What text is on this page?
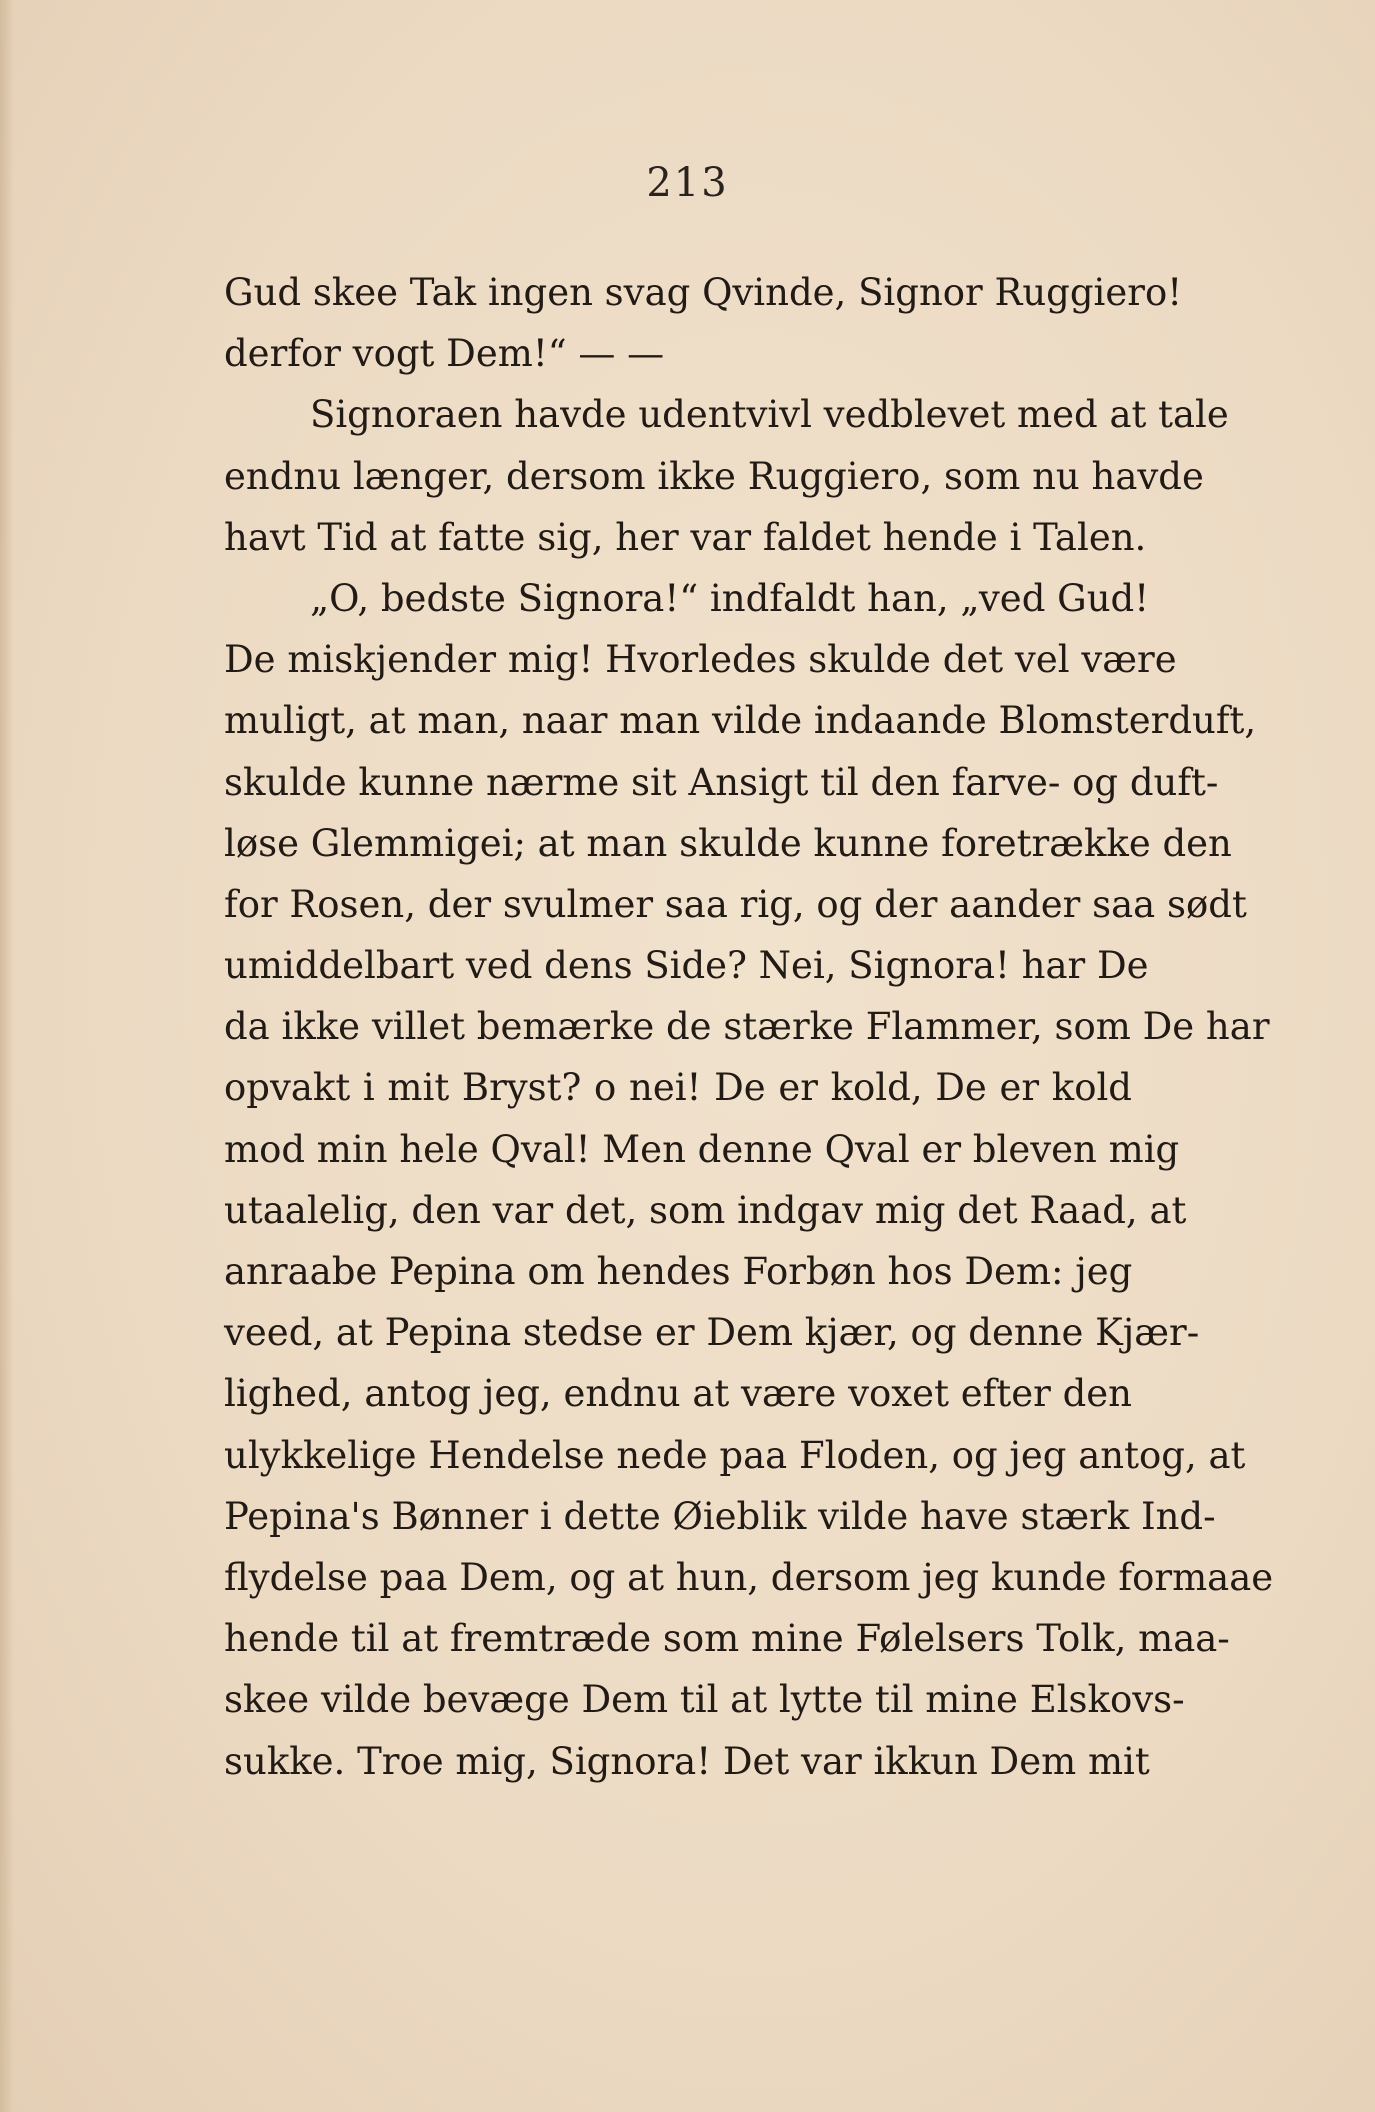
213
Gud skee Tak ingen svag Qvinde, Signor Ruggiero!
derfor vogt Dem!“ — —
Signoraen havde udentvivl vedblevet med at tale
endnu længer, dersom ikke Ruggiero, som nu havde
havt Tid at fatte sig, her var faldet hende i Talen.
„O, bedste Signora!“ indfaldt han, „ved Gud!
De miskjender mig! Hvorledes skulde det vel være
muligt, at man, naar man vilde indaande Blomsterduft,
skulde kunne nærme sit Ansigt til den farve- og duft-
løse Glemmigei; at man skulde kunne foretrække den
for Rosen, der svulmer saa rig, og der aander saa sødt
umiddelbart ved dens Side? Nei, Signora! har De
da ikke villet bemærke de stærke Flammer, som De har
opvakt i mit Bryst? o nei! De er kold, De er kold
mod min hele Qval! Men denne Qval er bleven mig
utaalelig, den var det, som indgav mig det Raad, at
anraabe Pepina om hendes Forbøn hos Dem: jeg
veed, at Pepina stedse er Dem kjær, og denne Kjær-
lighed, antog jeg, endnu at være voxet efter den
ulykkelige Hendelse nede paa Floden, og jeg antog, at
Pepina's Bønner i dette Øieblik vilde have stærk Ind-
flydelse paa Dem, og at hun, dersom jeg kunde formaae
hende til at fremtræde som mine Følelsers Tolk, maa-
skee vilde bevæge Dem til at lytte til mine Elskovs-
sukke. Troe mig, Signora! Det var ikkun Dem mit
